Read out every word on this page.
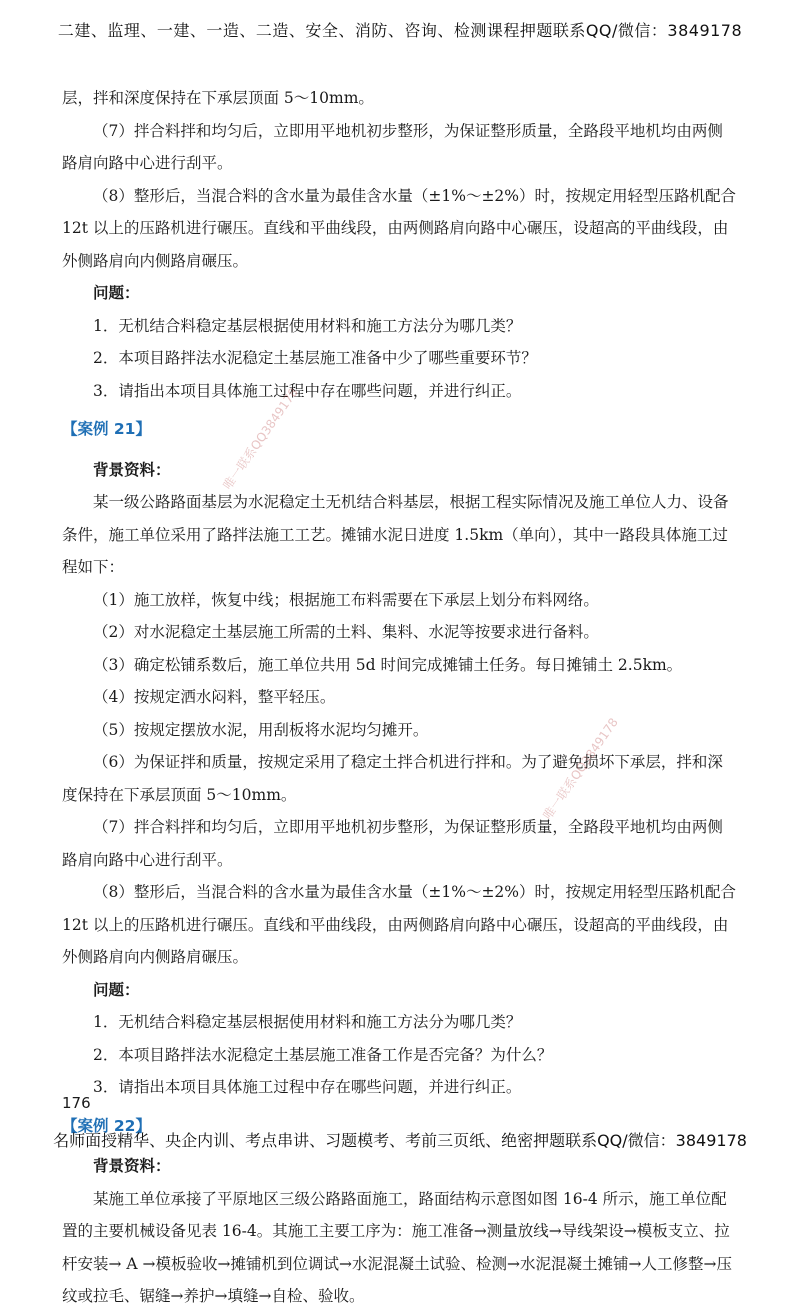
二建、监理、一建、一造、二造、安全、消防、咨询、检测课程押题联系QQ/微信：3849178

层，拌和深度保持在下承层顶面 5～10mm。

（7）拌合料拌和均匀后，立即用平地机初步整形，为保证整形质量，全路段平地机均由两侧路肩向路中心进行刮平。

（8）整形后，当混合料的含水量为最佳含水量（±1%～±2%）时，按规定用轻型压路机配合 12t 以上的压路机进行碾压。直线和平曲线段，由两侧路肩向路中心碾压，设超高的平曲线段，由外侧路肩向内侧路肩碾压。

问题：

1．无机结合料稳定基层根据使用材料和施工方法分为哪几类？

2．本项目路拌法水泥稳定土基层施工准备中少了哪些重要环节？

3．请指出本项目具体施工过程中存在哪些问题，并进行纠正。

【案例 21】

背景资料：

某一级公路路面基层为水泥稳定土无机结合料基层，根据工程实际情况及施工单位人力、设备条件，施工单位采用了路拌法施工工艺。摊铺水泥日进度 1.5km（单向），其中一路段具体施工过程如下：

（1）施工放样，恢复中线；根据施工布料需要在下承层上划分布料网络。

（2）对水泥稳定土基层施工所需的土料、集料、水泥等按要求进行备料。

（3）确定松铺系数后，施工单位共用 5d 时间完成摊铺土任务。每日摊铺土 2.5km。

（4）按规定洒水闷料，整平轻压。

（5）按规定摆放水泥，用刮板将水泥均匀摊开。

（6）为保证拌和质量，按规定采用了稳定土拌合机进行拌和。为了避免损坏下承层，拌和深度保持在下承层顶面 5～10mm。

（7）拌合料拌和均匀后，立即用平地机初步整形，为保证整形质量，全路段平地机均由两侧路肩向路中心进行刮平。

（8）整形后，当混合料的含水量为最佳含水量（±1%～±2%）时，按规定用轻型压路机配合 12t 以上的压路机进行碾压。直线和平曲线段，由两侧路肩向路中心碾压，设超高的平曲线段，由外侧路肩向内侧路肩碾压。

问题：

1．无机结合料稳定基层根据使用材料和施工方法分为哪几类？

2．本项目路拌法水泥稳定土基层施工准备工作是否完备？为什么？

3．请指出本项目具体施工过程中存在哪些问题，并进行纠正。

【案例 22】

背景资料：

某施工单位承接了平原地区三级公路路面施工，路面结构示意图如图 16-4 所示，施工单位配置的主要机械设备见表 16-4。其施工主要工序为：施工准备→测量放线→导线架设→模板支立、拉杆安装→ A →模板验收→摊铺机到位调试→水泥混凝土试验、检测→水泥混凝土摊铺→人工修整→压纹或拉毛、锯缝→养护→填缝→自检、验收。

唯一联系QQ3849178
唯一联系QQ3849178
176
名师面授精华、央企内训、考点串讲、习题模考、考前三页纸、绝密押题联系QQ/微信：3849178
